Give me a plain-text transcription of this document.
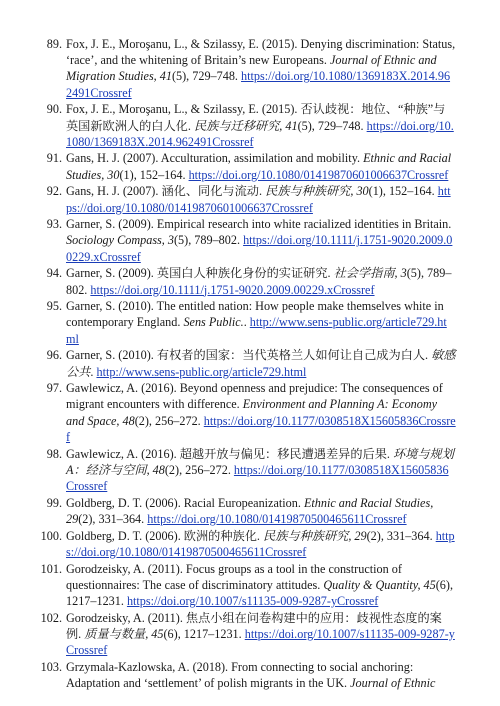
89. Fox, J. E., Moroşanu, L., & Szilassy, E. (2015). Denying discrimination: Status, ‘race’, and the whitening of Britain’s new Europeans. Journal of Ethnic and Migration Studies, 41(5), 729–748. https://doi.org/10.1080/1369183X.2014.962491Crossref
90. Fox, J. E., Moroşanu, L., & Szilassy, E. (2015). 否认歧视：地位、“种族”与英国新欧洲人的白人化. 民族与迁移研究, 41(5), 729–748. https://doi.org/10.1080/1369183X.2014.962491Crossref
91. Gans, H. J. (2007). Acculturation, assimilation and mobility. Ethnic and Racial Studies, 30(1), 152–164. https://doi.org/10.1080/01419870601006637Crossref
92. Gans, H. J. (2007). 涵化、同化与流动. 民族与种族研究, 30(1), 152–164. https://doi.org/10.1080/01419870601006637Crossref
93. Garner, S. (2009). Empirical research into white racialized identities in Britain. Sociology Compass, 3(5), 789–802. https://doi.org/10.1111/j.1751-9020.2009.00229.xCrossref
94. Garner, S. (2009). 英国白人种族化身份的实证研究. 社会学指南, 3(5), 789–802. https://doi.org/10.1111/j.1751-9020.2009.00229.xCrossref
95. Garner, S. (2010). The entitled nation: How people make themselves white in contemporary England. Sens Public.. http://www.sens-public.org/article729.html
96. Garner, S. (2010). 有权者的国家：当代英格兰人如何让自己成为白人. 敏感公共. http://www.sens-public.org/article729.html
97. Gawlewicz, A. (2016). Beyond openness and prejudice: The consequences of migrant encounters with difference. Environment and Planning A: Economy and Space, 48(2), 256–272. https://doi.org/10.1177/0308518X15605836Crossref
98. Gawlewicz, A. (2016). 超越开放与偏见：移民遭遇差异的后果. 环境与规划A：经济与空间, 48(2), 256–272. https://doi.org/10.1177/0308518X15605836Crossref
99. Goldberg, D. T. (2006). Racial Europeanization. Ethnic and Racial Studies, 29(2), 331–364. https://doi.org/10.1080/01419870500465611Crossref
100. Goldberg, D. T. (2006). 欧洲的种族化. 民族与种族研究, 29(2), 331–364. https://doi.org/10.1080/01419870500465611Crossref
101. Gorodzeisky, A. (2011). Focus groups as a tool in the construction of questionnaires: The case of discriminatory attitudes. Quality & Quantity, 45(6), 1217–1231. https://doi.org/10.1007/s11135-009-9287-yCrossref
102. Gorodzeisky, A. (2011). 焦点小组在问卷构建中的应用：歧视性态度的案例. 质量与数量, 45(6), 1217–1231. https://doi.org/10.1007/s11135-009-9287-yCrossref
103. Grzymala-Kazlowska, A. (2018). From connecting to social anchoring: Adaptation and ‘settlement’ of polish migrants in the UK. Journal of Ethnic
